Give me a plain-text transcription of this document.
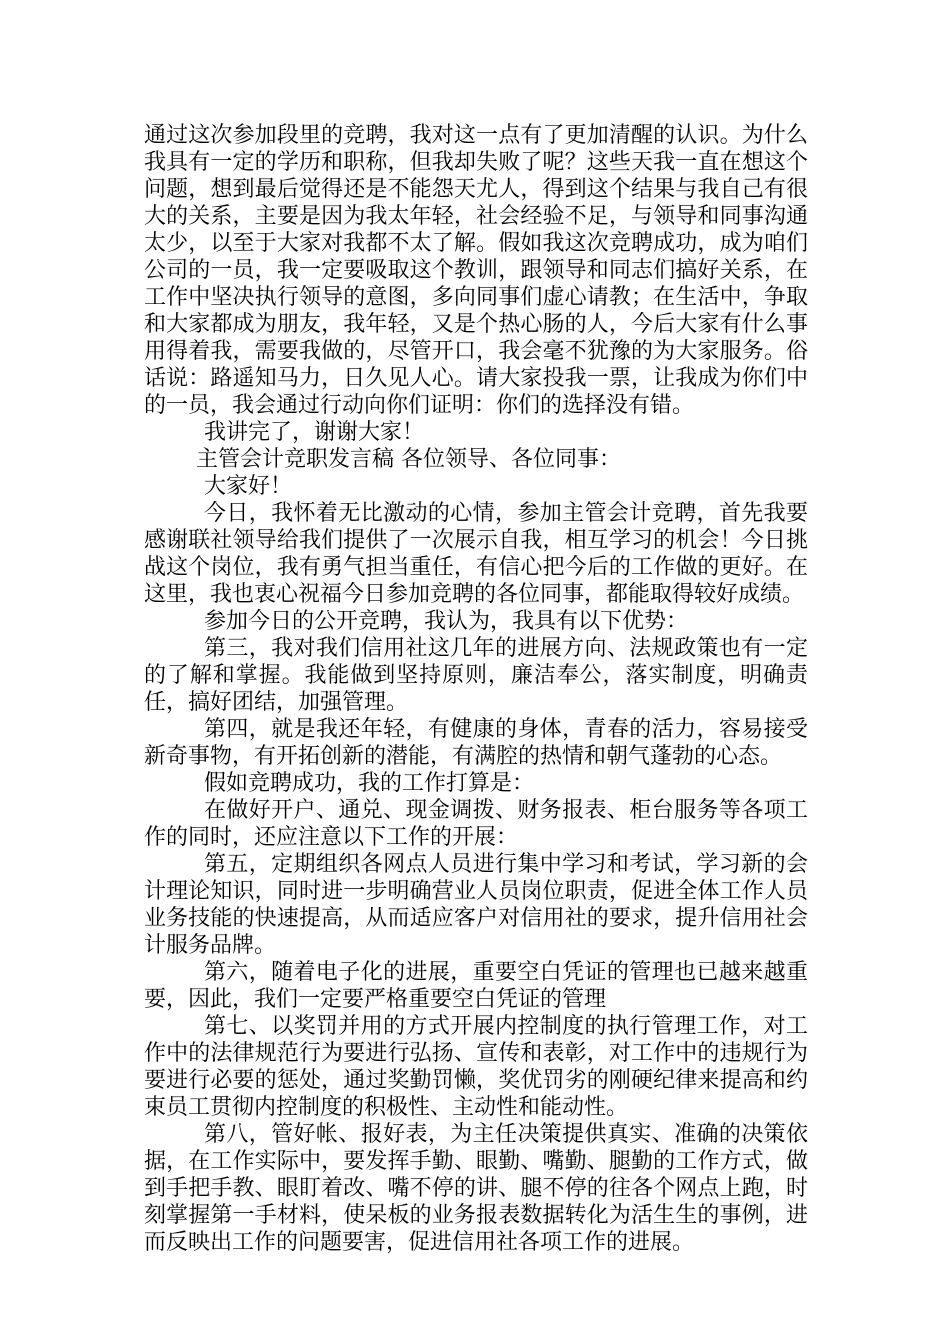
通过这次参加段里的竞聘，我对这一点有了更加清醒的认识。为什么我具有一定的学历和职称，但我却失败了呢？这些天我一直在想这个问题，想到最后觉得还是不能怨天尤人，得到这个结果与我自己有很大的关系，主要是因为我太年轻，社会经验不足，与领导和同事沟通太少，以至于大家对我都不太了解。假如我这次竞聘成功，成为咱们公司的一员，我一定要吸取这个教训，跟领导和同志们搞好关系，在工作中坚决执行领导的意图，多向同事们虚心请教；在生活中，争取和大家都成为朋友，我年轻，又是个热心肠的人，今后大家有什么事用得着我，需要我做的，尽管开口，我会毫不犹豫的为大家服务。俗话说：路遥知马力，日久见人心。请大家投我一票，让我成为你们中的一员，我会通过行动向你们证明：你们的选择没有错。

我讲完了，谢谢大家！

主管会计竞职发言稿 各位领导、各位同事：

大家好！

今日，我怀着无比激动的心情，参加主管会计竞聘，首先我要感谢联社领导给我们提供了一次展示自我，相互学习的机会！今日挑战这个岗位，我有勇气担当重任，有信心把今后的工作做的更好。在这里，我也衷心祝福今日参加竞聘的各位同事，都能取得较好成绩。

参加今日的公开竞聘，我认为，我具有以下优势：

第三，我对我们信用社这几年的进展方向、法规政策也有一定的了解和掌握。我能做到坚持原则，廉洁奉公，落实制度，明确责任，搞好团结，加强管理。

第四，就是我还年轻，有健康的身体，青春的活力，容易接受新奇事物，有开拓创新的潜能，有满腔的热情和朝气蓬勃的心态。

假如竞聘成功，我的工作打算是：

在做好开户、通兑、现金调拨、财务报表、柜台服务等各项工作的同时，还应注意以下工作的开展：

第五，定期组织各网点人员进行集中学习和考试，学习新的会计理论知识，同时进一步明确营业人员岗位职责，促进全体工作人员业务技能的快速提高，从而适应客户对信用社的要求，提升信用社会计服务品牌。

第六，随着电子化的进展，重要空白凭证的管理也已越来越重要，因此，我们一定要严格重要空白凭证的管理

第七、以奖罚并用的方式开展内控制度的执行管理工作，对工作中的法律规范行为要进行弘扬、宣传和表彰，对工作中的违规行为要进行必要的惩处，通过奖勤罚懒，奖优罚劣的刚硬纪律来提高和约束员工贯彻内控制度的积极性、主动性和能动性。

第八，管好帐、报好表，为主任决策提供真实、准确的决策依据，在工作实际中，要发挥手勤、眼勤、嘴勤、腿勤的工作方式，做到手把手教、眼盯着改、嘴不停的讲、腿不停的往各个网点上跑，时刻掌握第一手材料，使呆板的业务报表数据转化为活生生的事例，进而反映出工作的问题要害，促进信用社各项工作的进展。
